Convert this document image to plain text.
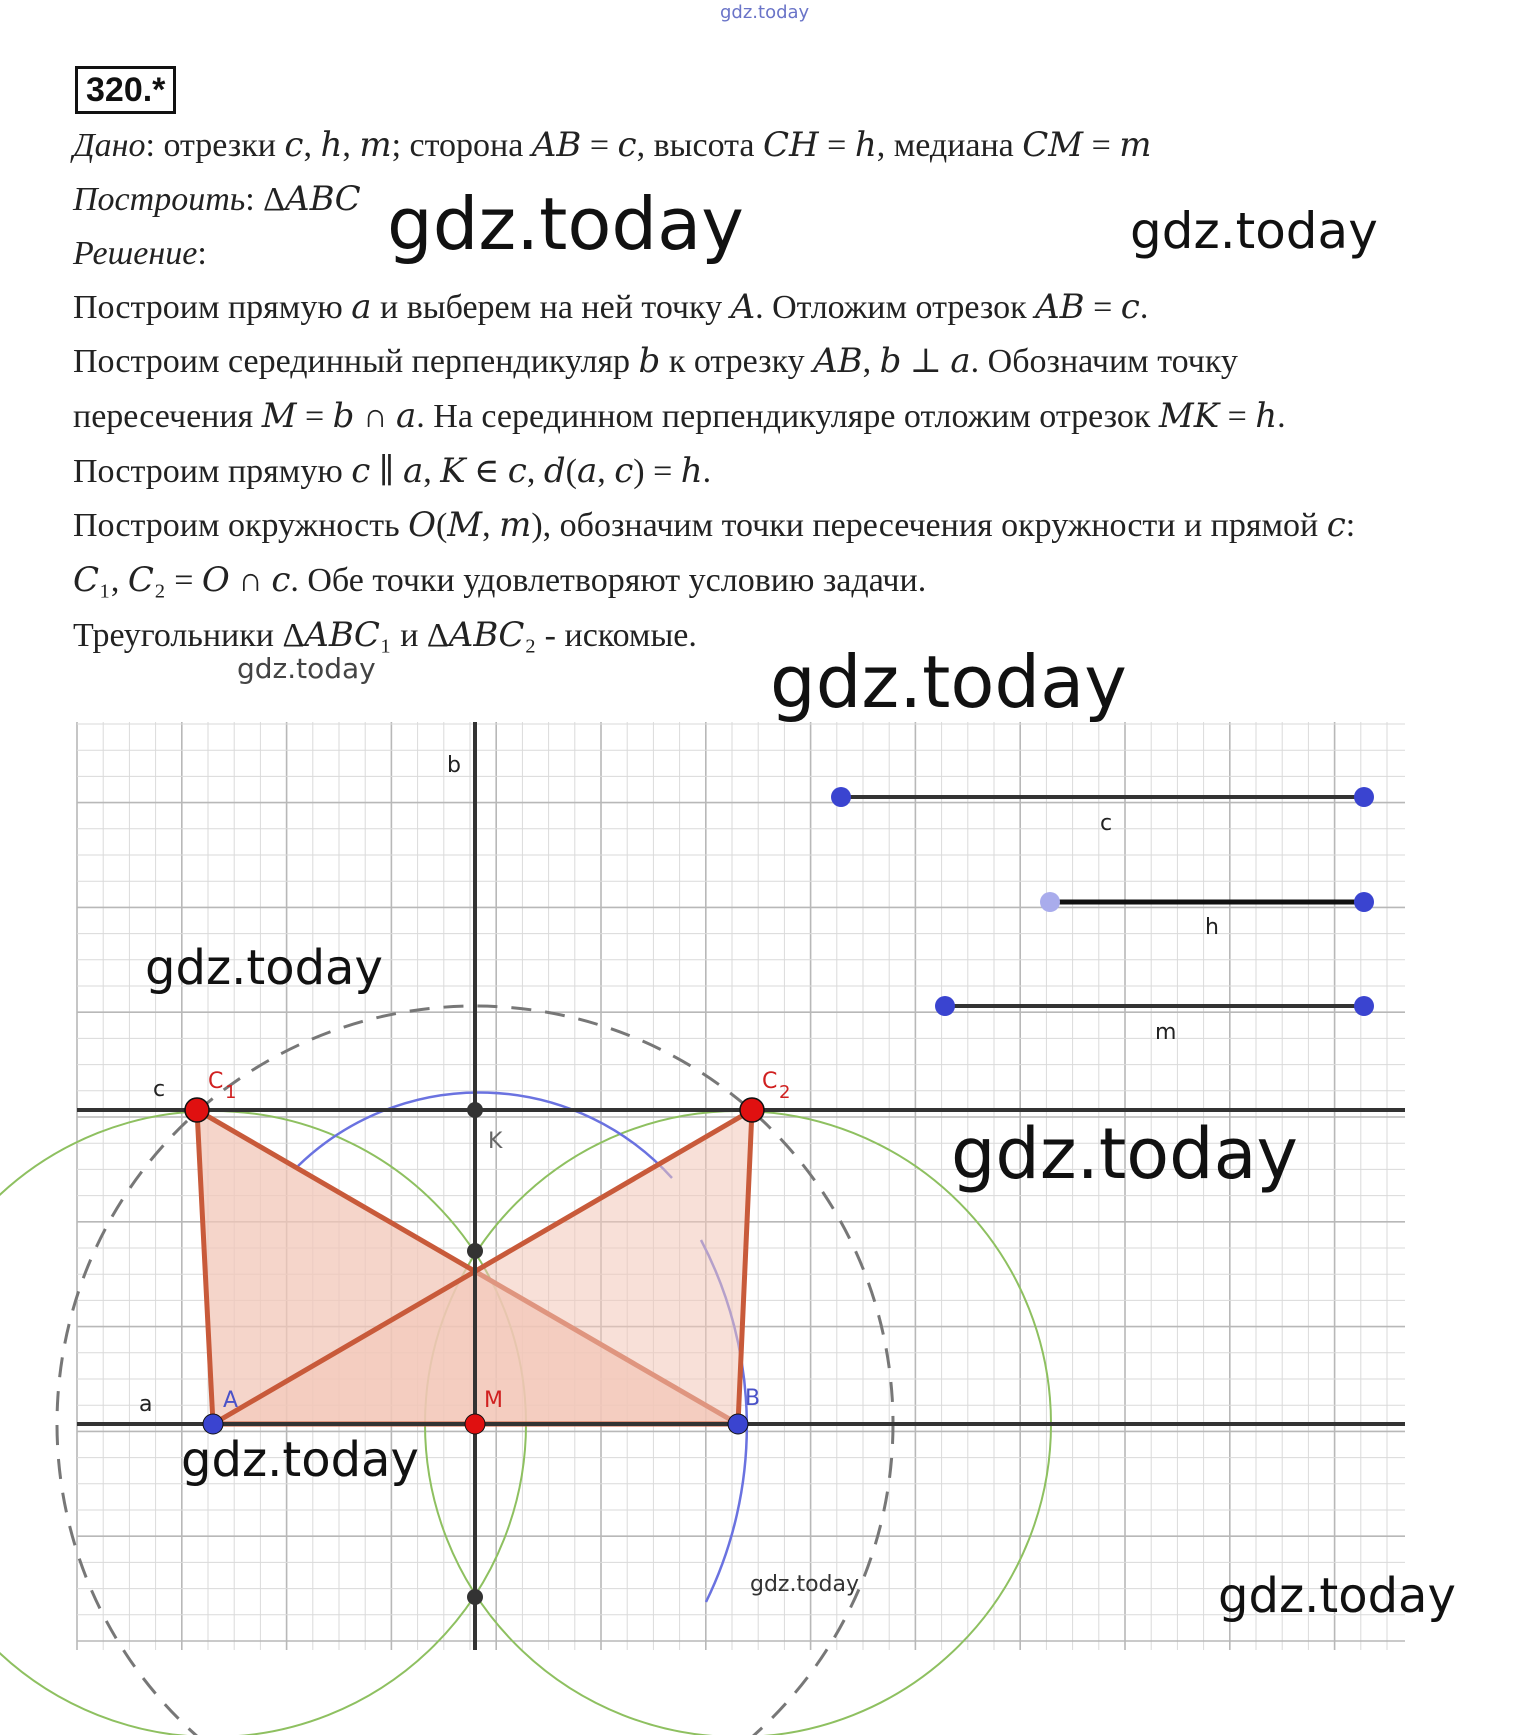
gdz.today
320.*
Дано: отрезки 𝑐, ℎ, 𝑚; сторона 𝐴𝐵 = 𝑐, высота 𝐶𝐻 = ℎ, медиана 𝐶𝑀 = 𝑚
Построить: Δ𝐴𝐵𝐶
Решение:
Построим прямую 𝑎 и выберем на ней точку 𝐴. Отложим отрезок 𝐴𝐵 = 𝑐.
Построим серединный перпендикуляр 𝑏 к отрезку 𝐴𝐵, 𝑏 ⊥ 𝑎. Обозначим точку
пересечения 𝑀 = 𝑏 ∩ 𝑎. На серединном перпендикуляре отложим отрезок 𝑀𝐾 = ℎ.
Построим прямую 𝑐 ∥ 𝑎, 𝐾 ∈ 𝑐, 𝑑(𝑎, 𝑐) = ℎ.
Построим окружность 𝑂(𝑀, 𝑚), обозначим точки пересечения окружности и прямой 𝑐:
𝐶₁, 𝐶₂ = 𝑂 ∩ 𝑐. Обе точки удовлетворяют условию задачи.
Треугольники Δ𝐴𝐵𝐶₁ и Δ𝐴𝐵𝐶₂ - искомые.
b
a
c
c
h
m
K
A	M	B
C 1	C 2
gdz.today	gdz.today
gdz.today	gdz.today
gdz.today
gdz.today
gdz.today
gdz.today	gdz.today
